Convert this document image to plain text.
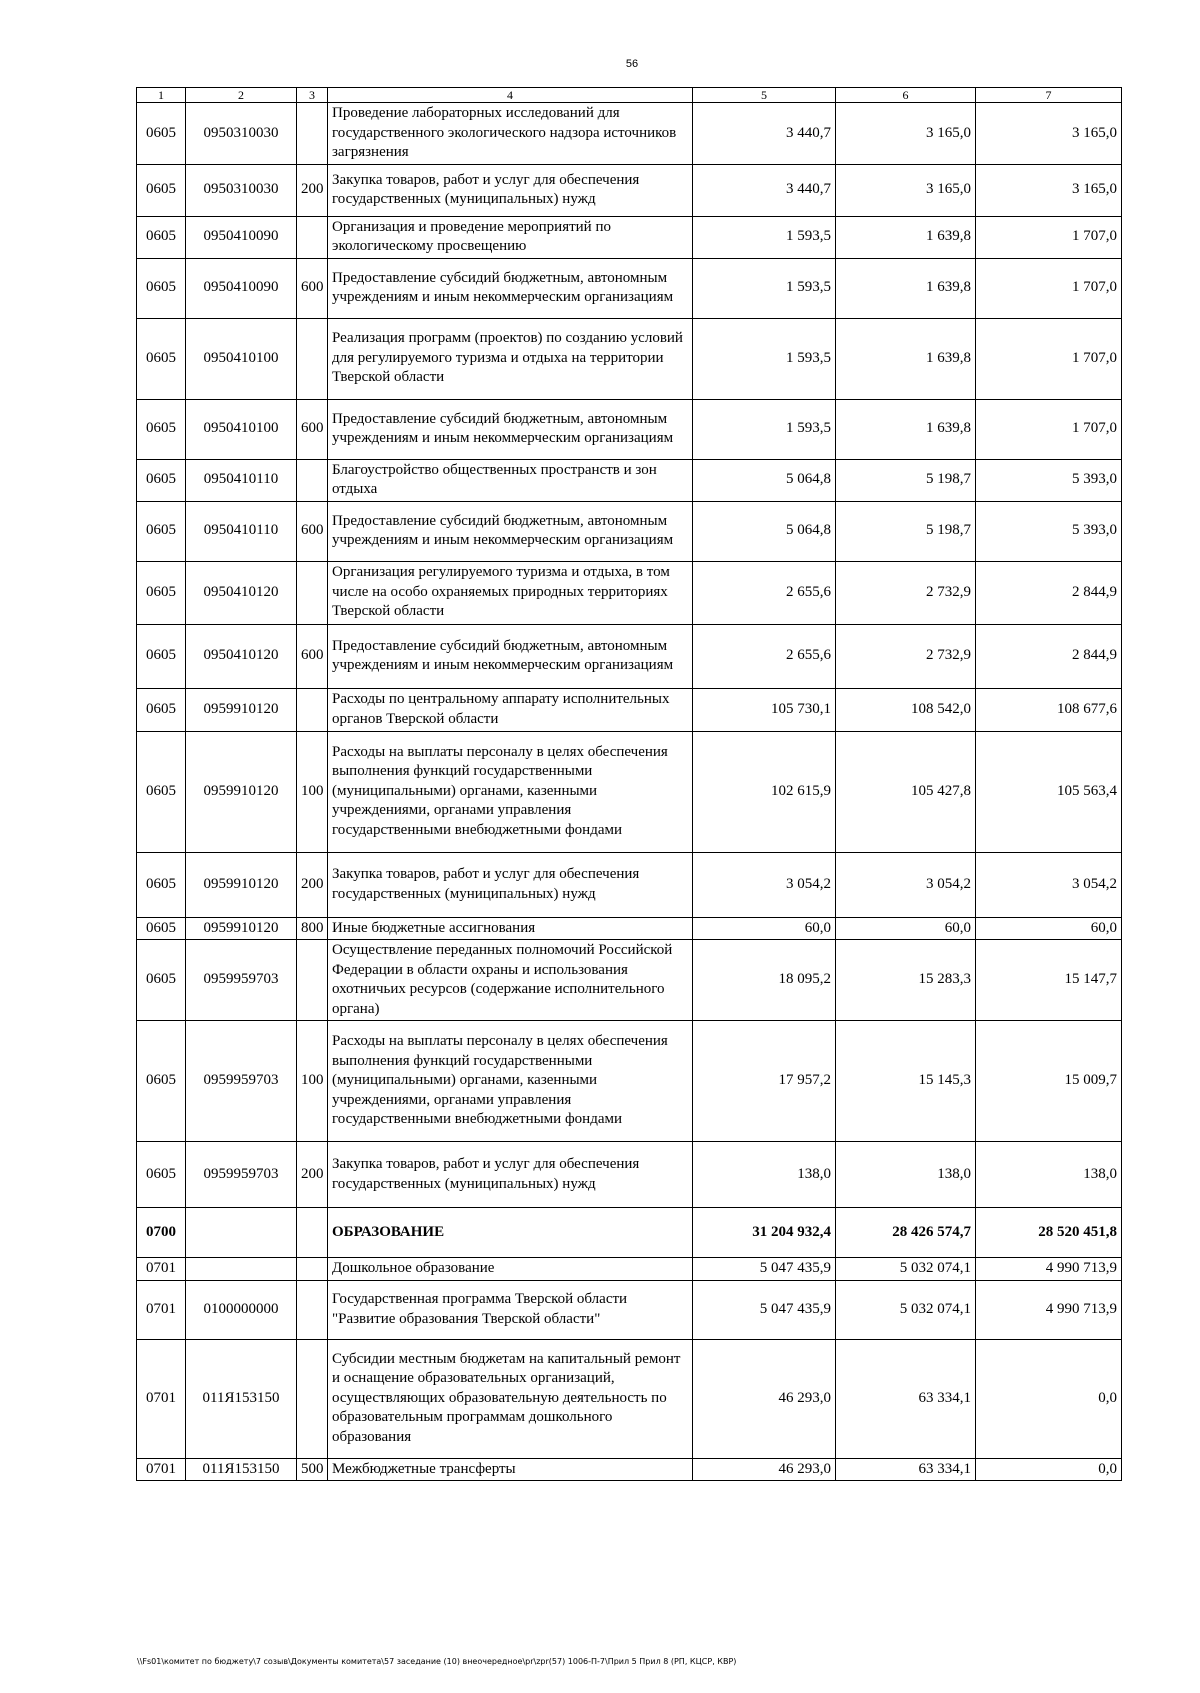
56
1	2	3	4	5	6	7
0605	0950310030		Проведение лабораторных исследований для государственного экологического надзора источников загрязнения	3 440,7	3 165,0	3 165,0
0605	0950310030	200	Закупка товаров, работ и услуг для обеспечения государственных (муниципальных) нужд	3 440,7	3 165,0	3 165,0
0605	0950410090		Организация и проведение мероприятий по экологическому просвещению	1 593,5	1 639,8	1 707,0
0605	0950410090	600	Предоставление субсидий бюджетным, автономным учреждениям и иным некоммерческим организациям	1 593,5	1 639,8	1 707,0
0605	0950410100		Реализация программ (проектов) по созданию условий для регулируемого туризма и отдыха на территории Тверской области	1 593,5	1 639,8	1 707,0
0605	0950410100	600	Предоставление субсидий бюджетным, автономным учреждениям и иным некоммерческим организациям	1 593,5	1 639,8	1 707,0
0605	0950410110		Благоустройство общественных пространств и зон отдыха	5 064,8	5 198,7	5 393,0
0605	0950410110	600	Предоставление субсидий бюджетным, автономным учреждениям и иным некоммерческим организациям	5 064,8	5 198,7	5 393,0
0605	0950410120		Организация регулируемого туризма и отдыха, в том числе на особо охраняемых природных территориях Тверской области	2 655,6	2 732,9	2 844,9
0605	0950410120	600	Предоставление субсидий бюджетным, автономным учреждениям и иным некоммерческим организациям	2 655,6	2 732,9	2 844,9
0605	0959910120		Расходы по центральному аппарату исполнительных органов Тверской области	105 730,1	108 542,0	108 677,6
0605	0959910120	100	Расходы на выплаты персоналу в целях обеспечения выполнения функций государственными (муниципальными) органами, казенными учреждениями, органами управления государственными внебюджетными фондами	102 615,9	105 427,8	105 563,4
0605	0959910120	200	Закупка товаров, работ и услуг для обеспечения государственных (муниципальных) нужд	3 054,2	3 054,2	3 054,2
0605	0959910120	800	Иные бюджетные ассигнования	60,0	60,0	60,0
0605	0959959703		Осуществление переданных полномочий Российской Федерации в области охраны и использования охотничьих ресурсов (содержание исполнительного органа)	18 095,2	15 283,3	15 147,7
0605	0959959703	100	Расходы на выплаты персоналу в целях обеспечения выполнения функций государственными (муниципальными) органами, казенными учреждениями, органами управления государственными внебюджетными фондами	17 957,2	15 145,3	15 009,7
0605	0959959703	200	Закупка товаров, работ и услуг для обеспечения государственных (муниципальных) нужд	138,0	138,0	138,0
0700			ОБРАЗОВАНИЕ	31 204 932,4	28 426 574,7	28 520 451,8
0701			Дошкольное образование	5 047 435,9	5 032 074,1	4 990 713,9
0701	0100000000		Государственная программа Тверской области "Развитие образования Тверской области"	5 047 435,9	5 032 074,1	4 990 713,9
0701	011Я153150		Субсидии местным бюджетам на капитальный ремонт и оснащение образовательных организаций, осуществляющих образовательную деятельность по образовательным программам дошкольного образования	46 293,0	63 334,1	0,0
0701	011Я153150	500	Межбюджетные трансферты	46 293,0	63 334,1	0,0
\\Fs01\комитет по бюджету\7 созыв\Документы комитета\57 заседание (10) внеочередное\pr\zpr(57) 1006-П-7\Прил 5 Прил 8 (РП, КЦСР, КВР)
